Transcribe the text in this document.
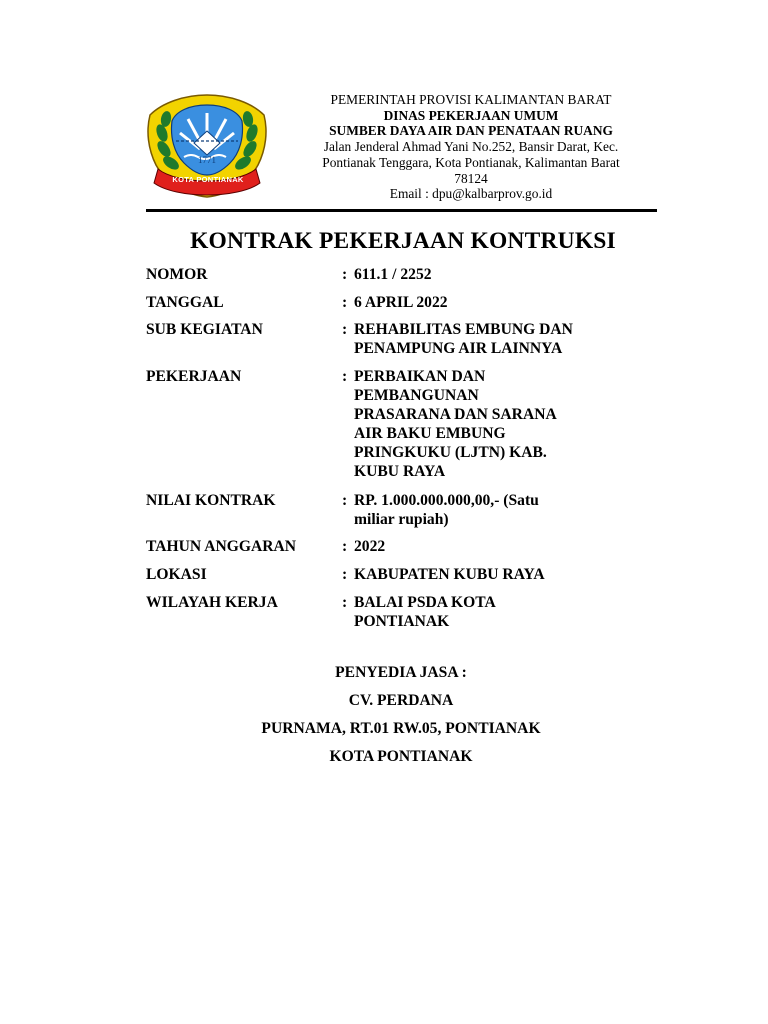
1771
KOTA PONTIANAK
PEMERINTAH PROVISI KALIMANTAN BARAT
DINAS PEKERJAAN UMUM
SUMBER DAYA AIR DAN PENATAAN RUANG
Jalan Jenderal Ahmad Yani No.252, Bansir Darat, Kec.
Pontianak Tenggara, Kota Pontianak, Kalimantan Barat
78124
Email : dpu@kalbarprov.go.id
KONTRAK PEKERJAAN KONTRUKSI
NOMOR	: 611.1 / 2252
TANGGAL	: 6 APRIL 2022
SUB KEGIATAN	: REHABILITAS EMBUNG DAN
PENAMPUNG AIR LAINNYA
PEKERJAAN	: PERBAIKAN DAN
PEMBANGUNAN
PRASARANA DAN SARANA
AIR BAKU EMBUNG
PRINGKUKU (LJTN) KAB.
KUBU RAYA
NILAI KONTRAK	: RP. 1.000.000.000,00,- (Satu
miliar rupiah)
TAHUN ANGGARAN	: 2022
LOKASI	: KABUPATEN KUBU RAYA
WILAYAH KERJA	: BALAI PSDA KOTA
PONTIANAK
PENYEDIA JASA :
CV. PERDANA
PURNAMA, RT.01 RW.05, PONTIANAK
KOTA PONTIANAK
